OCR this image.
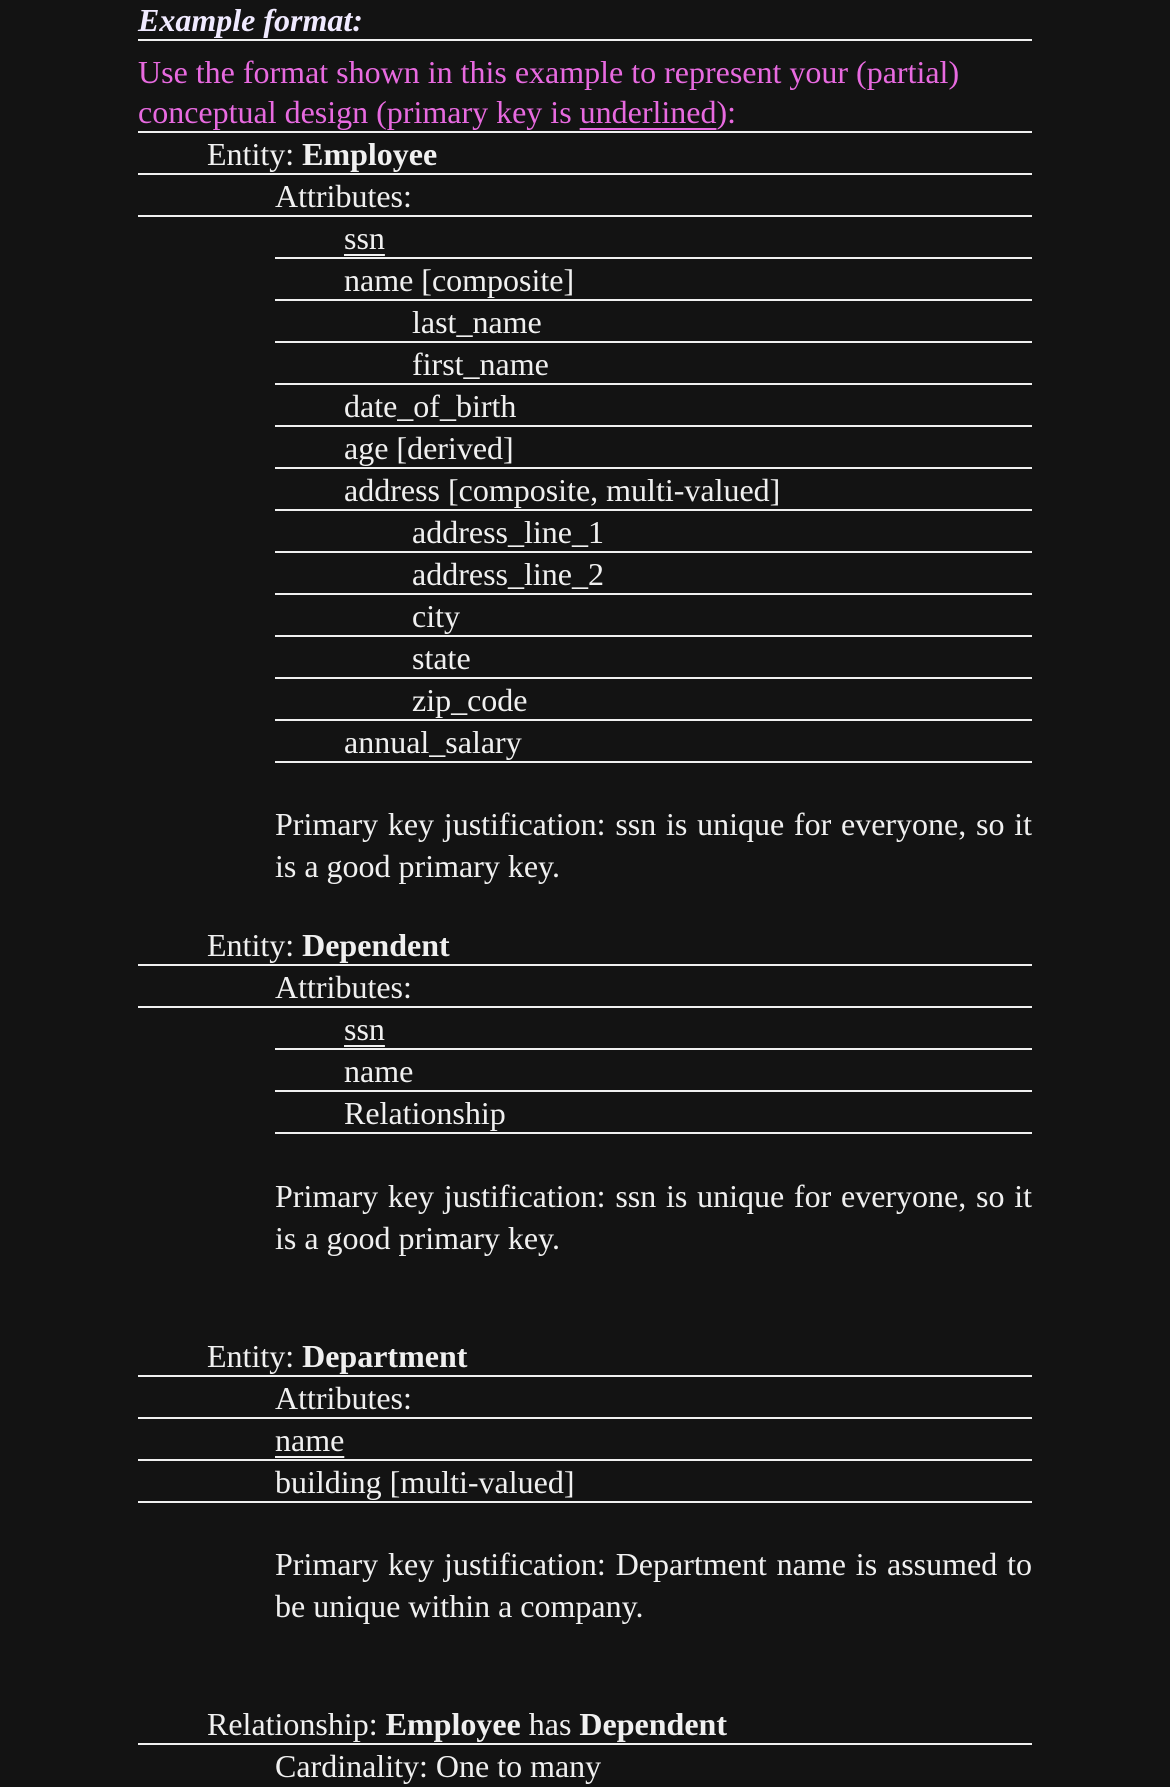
Example format:
Use the format shown in this example to represent your (partial)
conceptual design (primary key is underlined):
Entity: Employee
Attributes:
ssn
name [composite]
last_name
first_name
date_of_birth
age [derived]
address [composite, multi-valued]
address_line_1
address_line_2
city
state
zip_code
annual_salary
Primary key justification: ssn is unique for everyone, so it is a good primary key.
Entity: Dependent
Attributes:
ssn
name
Relationship
Primary key justification: ssn is unique for everyone, so it is a good primary key.
Entity: Department
Attributes:
name
building [multi-valued]
Primary key justification: Department name is assumed to be unique within a company.
Relationship: Employee has Dependent
Cardinality: One to many
